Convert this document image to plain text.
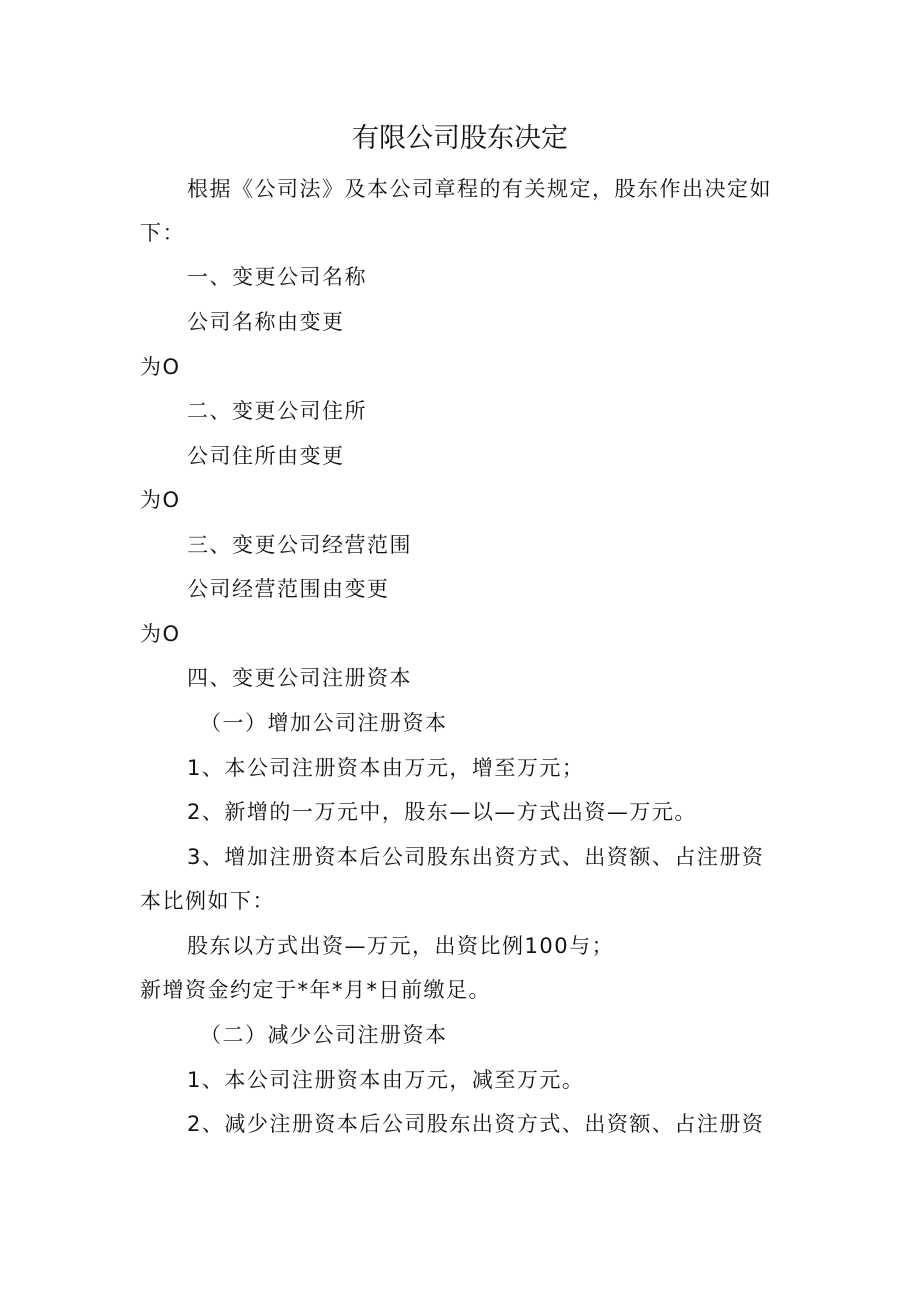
有限公司股东决定
根据《公司法》及本公司章程的有关规定，股东作出决定如
下：
一、变更公司名称
公司名称由变更
为O
二、变更公司住所
公司住所由变更
为O
三、变更公司经营范围
公司经营范围由变更
为O
四、变更公司注册资本
（一）增加公司注册资本
1、本公司注册资本由万元，增至万元；
2、新增的一万元中，股东—以—方式出资—万元。
3、增加注册资本后公司股东出资方式、出资额、占注册资
本比例如下：
股东以方式出资—万元，出资比例100与；
新增资金约定于*年*月*日前缴足。
（二）减少公司注册资本
1、本公司注册资本由万元，减至万元。
2、减少注册资本后公司股东出资方式、出资额、占注册资
